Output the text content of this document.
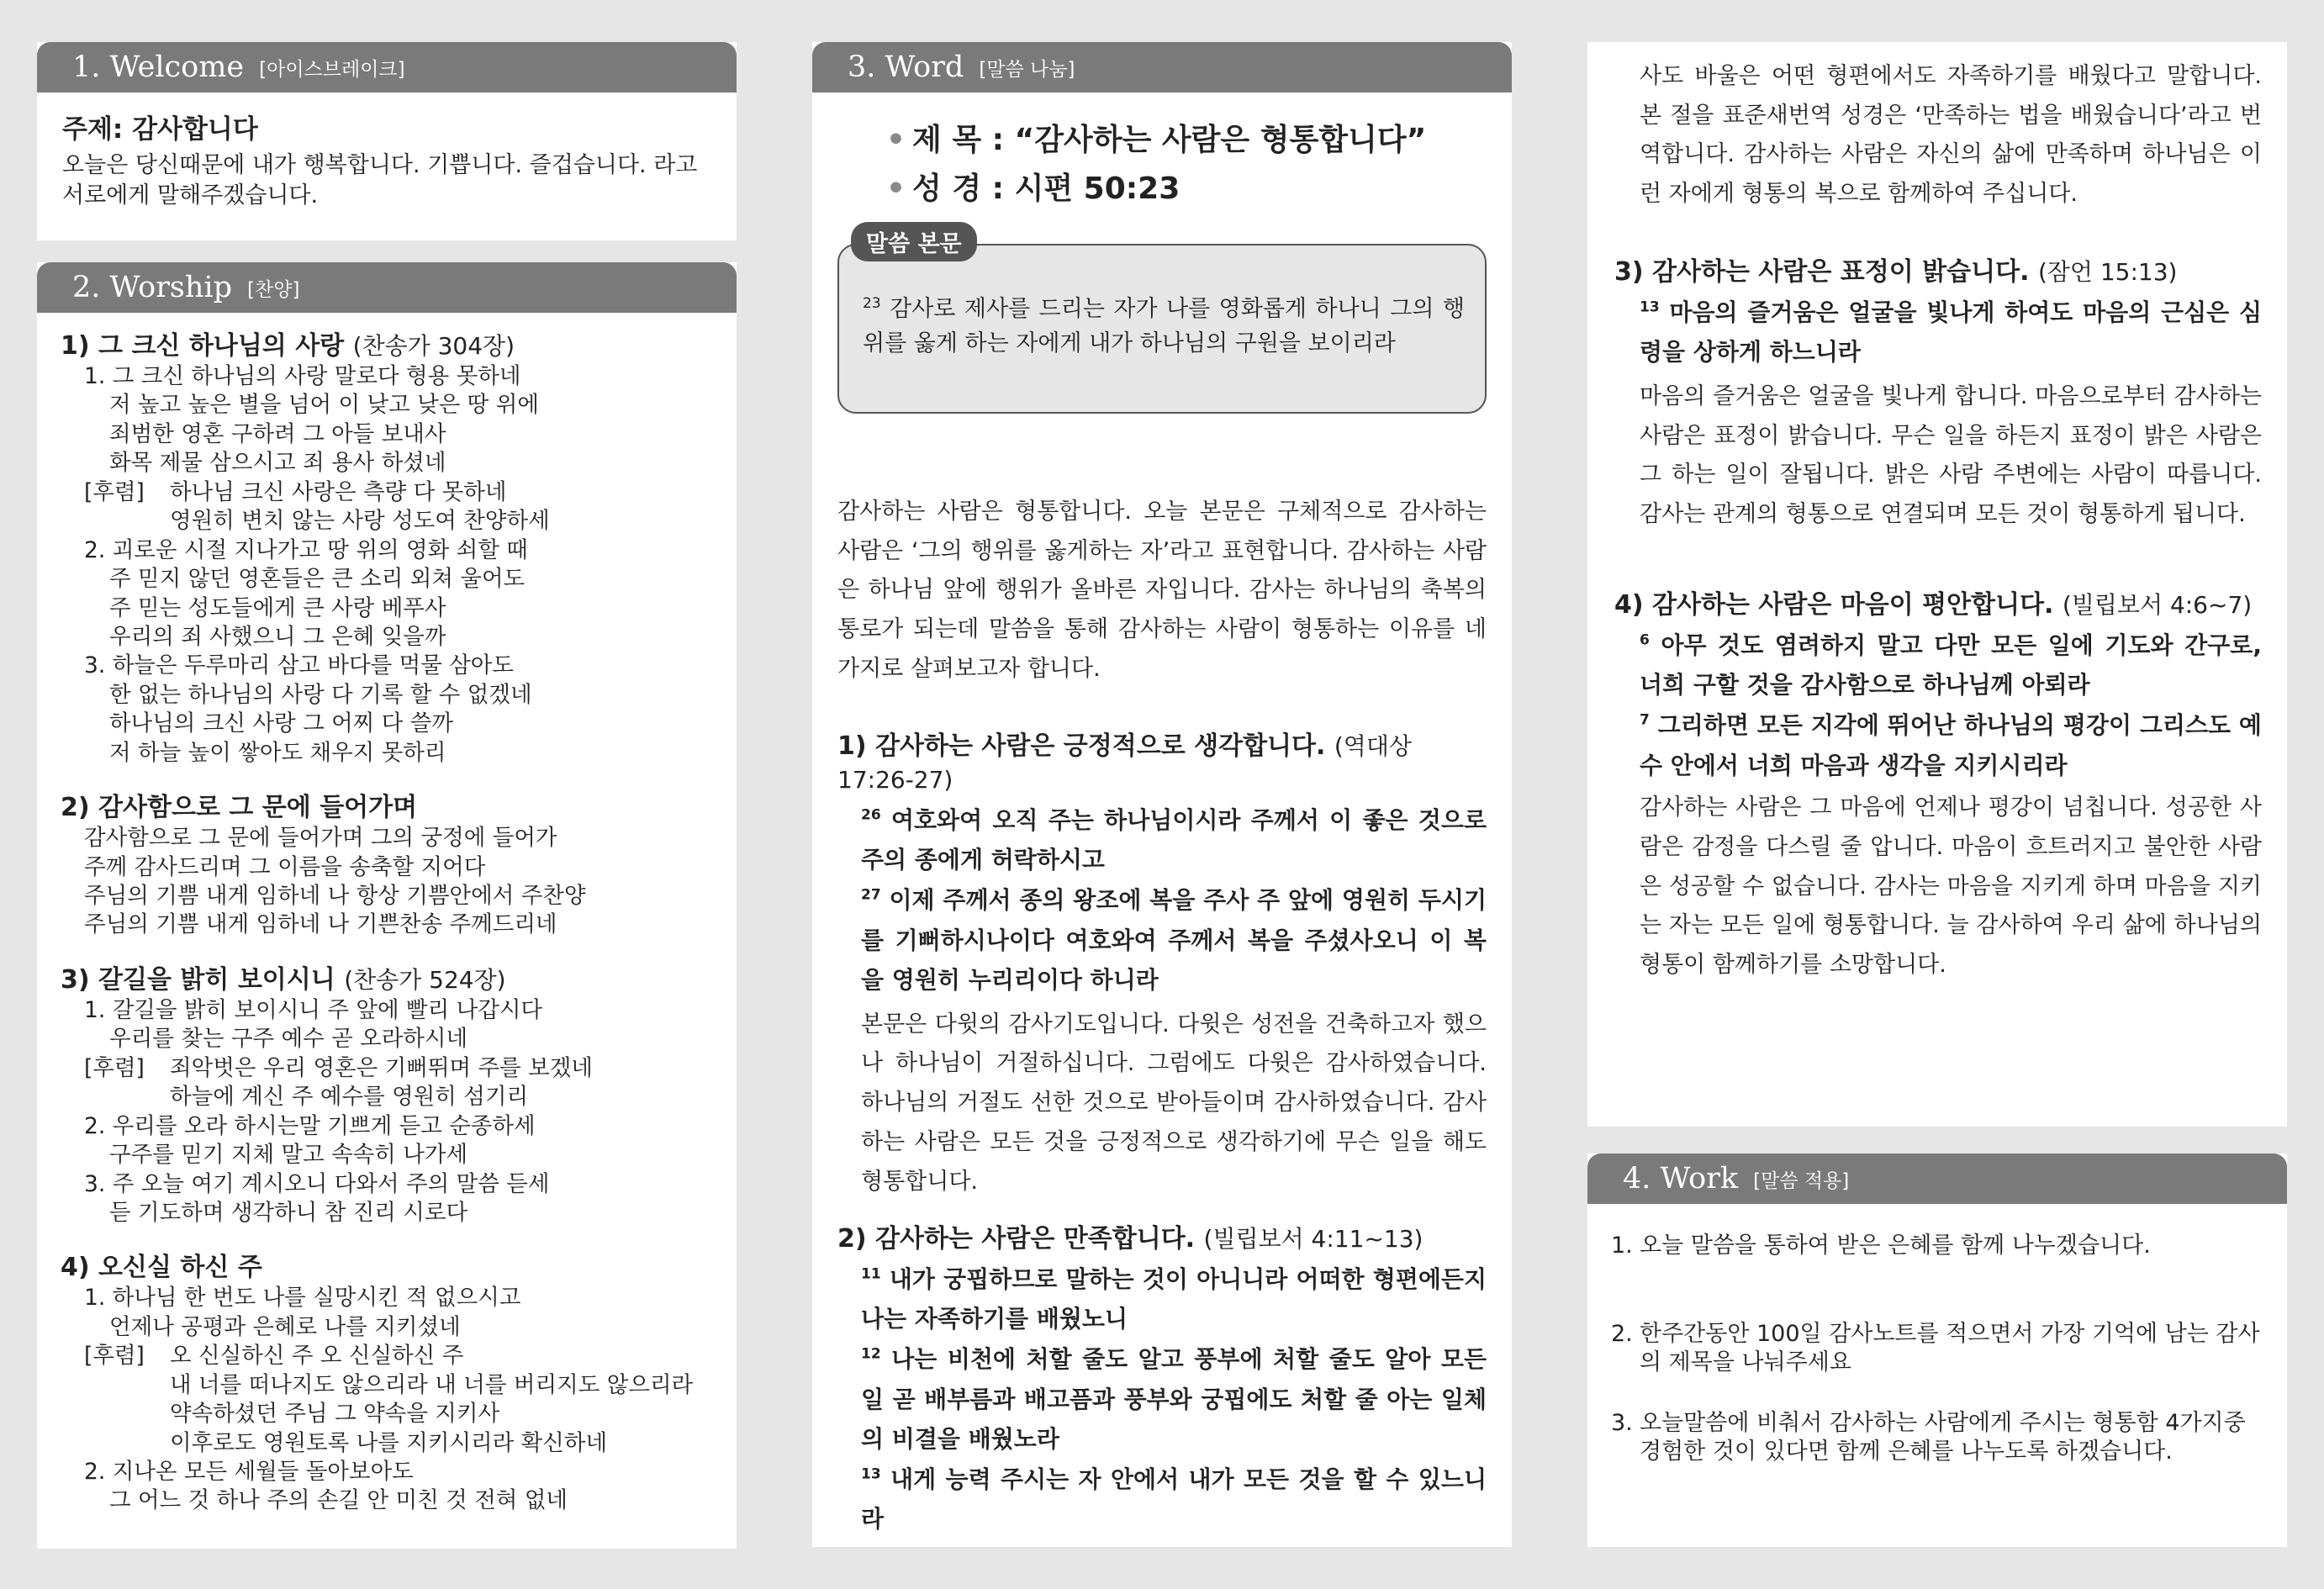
1. Welcome [아이스브레이크]
주제: 감사합니다
오늘은 당신때문에 내가 행복합니다. 기쁩니다. 즐겁습니다. 라고
서로에게 말해주겠습니다.
2. Worship [찬양]
1) 그 크신 하나님의 사랑 (찬송가 304장)
1. 그 크신 하나님의 사랑 말로다 형용 못하네
저 높고 높은 별을 넘어 이 낮고 낮은 땅 위에
죄범한 영혼 구하려 그 아들 보내사
화목 제물 삼으시고 죄 용사 하셨네
[후렴]	하나님 크신 사랑은 측량 다 못하네
영원히 변치 않는 사랑 성도여 찬양하세
2. 괴로운 시절 지나가고 땅 위의 영화 쇠할 때
주 믿지 않던 영혼들은 큰 소리 외쳐 울어도
주 믿는 성도들에게 큰 사랑 베푸사
우리의 죄 사했으니 그 은혜 잊을까
3. 하늘은 두루마리 삼고 바다를 먹물 삼아도
한 없는 하나님의 사랑 다 기록 할 수 없겠네
하나님의 크신 사랑 그 어찌 다 쓸까
저 하늘 높이 쌓아도 채우지 못하리
2) 감사함으로 그 문에 들어가며
감사함으로 그 문에 들어가며 그의 궁정에 들어가
주께 감사드리며 그 이름을 송축할 지어다
주님의 기쁨 내게 임하네 나 항상 기쁨안에서 주찬양
주님의 기쁨 내게 임하네 나 기쁜찬송 주께드리네
3) 갈길을 밝히 보이시니 (찬송가 524장)
1. 갈길을 밝히 보이시니 주 앞에 빨리 나갑시다
우리를 찾는 구주 예수 곧 오라하시네
[후렴]	죄악벗은 우리 영혼은 기뻐뛰며 주를 보겠네
하늘에 계신 주 예수를 영원히 섬기리
2. 우리를 오라 하시는말 기쁘게 듣고 순종하세
구주를 믿기 지체 말고 속속히 나가세
3. 주 오늘 여기 계시오니 다와서 주의 말씀 듣세
듣 기도하며 생각하니 참 진리 시로다
4) 오신실 하신 주
1. 하나님 한 번도 나를 실망시킨 적 없으시고
언제나 공평과 은혜로 나를 지키셨네
[후렴]	오 신실하신 주 오 신실하신 주
내 너를 떠나지도 않으리라 내 너를 버리지도 않으리라
약속하셨던 주님 그 약속을 지키사
이후로도 영원토록 나를 지키시리라 확신하네
2. 지나온 모든 세월들 돌아보아도
그 어느 것 하나 주의 손길 안 미친 것 전혀 없네
3. Word [말씀 나눔]
• 제 목 : “감사하는 사람은 형통합니다”
• 성 경 : 시편 50:23
$^{23}$ 감사로 제사를 드리는 자가 나를 영화롭게 하나니 그의 행위를 옳게 하는 자에게 내가 하나님의 구원을 보이리라
말씀 본문
감사하는 사람은 형통합니다. 오늘 본문은 구체적으로 감사하는 사람은 ‘그의 행위를 옳게하는 자’라고 표현합니다. 감사하는 사람은 하나님 앞에 행위가 올바른 자입니다. 감사는 하나님의 축복의 통로가 되는데 말씀을 통해 감사하는 사람이 형통하는 이유를 네가지로 살펴보고자 합니다.
1) 감사하는 사람은 긍정적으로 생각합니다. (역대상 17:26-27)
$^{26}$ 여호와여 오직 주는 하나님이시라 주께서 이 좋은 것으로 주의 종에게 허락하시고
$^{27}$ 이제 주께서 종의 왕조에 복을 주사 주 앞에 영원히 두시기를 기뻐하시나이다 여호와여 주께서 복을 주셨사오니 이 복을 영원히 누리리이다 하니라
본문은 다윗의 감사기도입니다. 다윗은 성전을 건축하고자 했으나 하나님이 거절하십니다. 그럼에도 다윗은 감사하였습니다. 하나님의 거절도 선한 것으로 받아들이며 감사하였습니다. 감사하는 사람은 모든 것을 긍정적으로 생각하기에 무슨 일을 해도 형통합니다.
2) 감사하는 사람은 만족합니다. (빌립보서 4:11~13)
$^{11}$ 내가 궁핍하므로 말하는 것이 아니니라 어떠한 형편에든지 나는 자족하기를 배웠노니
$^{12}$ 나는 비천에 처할 줄도 알고 풍부에 처할 줄도 알아 모든 일 곧 배부름과 배고픔과 풍부와 궁핍에도 처할 줄 아는 일체의 비결을 배웠노라
$^{13}$ 내게 능력 주시는 자 안에서 내가 모든 것을 할 수 있느니라
사도 바울은 어떤 형편에서도 자족하기를 배웠다고 말합니다. 본 절을 표준새번역 성경은 ‘만족하는 법을 배웠습니다’라고 번역합니다. 감사하는 사람은 자신의 삶에 만족하며 하나님은 이런 자에게 형통의 복으로 함께하여 주십니다.
3) 감사하는 사람은 표정이 밝습니다. (잠언 15:13)
$^{13}$ 마음의 즐거움은 얼굴을 빛나게 하여도 마음의 근심은 심령을 상하게 하느니라
마음의 즐거움은 얼굴을 빛나게 합니다. 마음으로부터 감사하는 사람은 표정이 밝습니다. 무슨 일을 하든지 표정이 밝은 사람은 그 하는 일이 잘됩니다. 밝은 사람 주변에는 사람이 따릅니다. 감사는 관계의 형통으로 연결되며 모든 것이 형통하게 됩니다.
4) 감사하는 사람은 마음이 평안합니다. (빌립보서 4:6~7)
$^6$ 아무 것도 염려하지 말고 다만 모든 일에 기도와 간구로, 너희 구할 것을 감사함으로 하나님께 아뢰라
$^7$ 그리하면 모든 지각에 뛰어난 하나님의 평강이 그리스도 예수 안에서 너희 마음과 생각을 지키시리라
감사하는 사람은 그 마음에 언제나 평강이 넘칩니다. 성공한 사람은 감정을 다스릴 줄 압니다. 마음이 흐트러지고 불안한 사람은 성공할 수 없습니다. 감사는 마음을 지키게 하며 마음을 지키는 자는 모든 일에 형통합니다. 늘 감사하여 우리 삶에 하나님의 형통이 함께하기를 소망합니다.
4. Work [말씀 적용]
1. 오늘 말씀을 통하여 받은 은혜를 함께 나누겠습니다.
2. 한주간동안 100일 감사노트를 적으면서 가장 기억에 남는 감사의 제목을 나눠주세요
3. 오늘말씀에 비춰서 감사하는 사람에게 주시는 형통함 4가지중 경험한 것이 있다면 함께 은혜를 나누도록 하겠습니다.
